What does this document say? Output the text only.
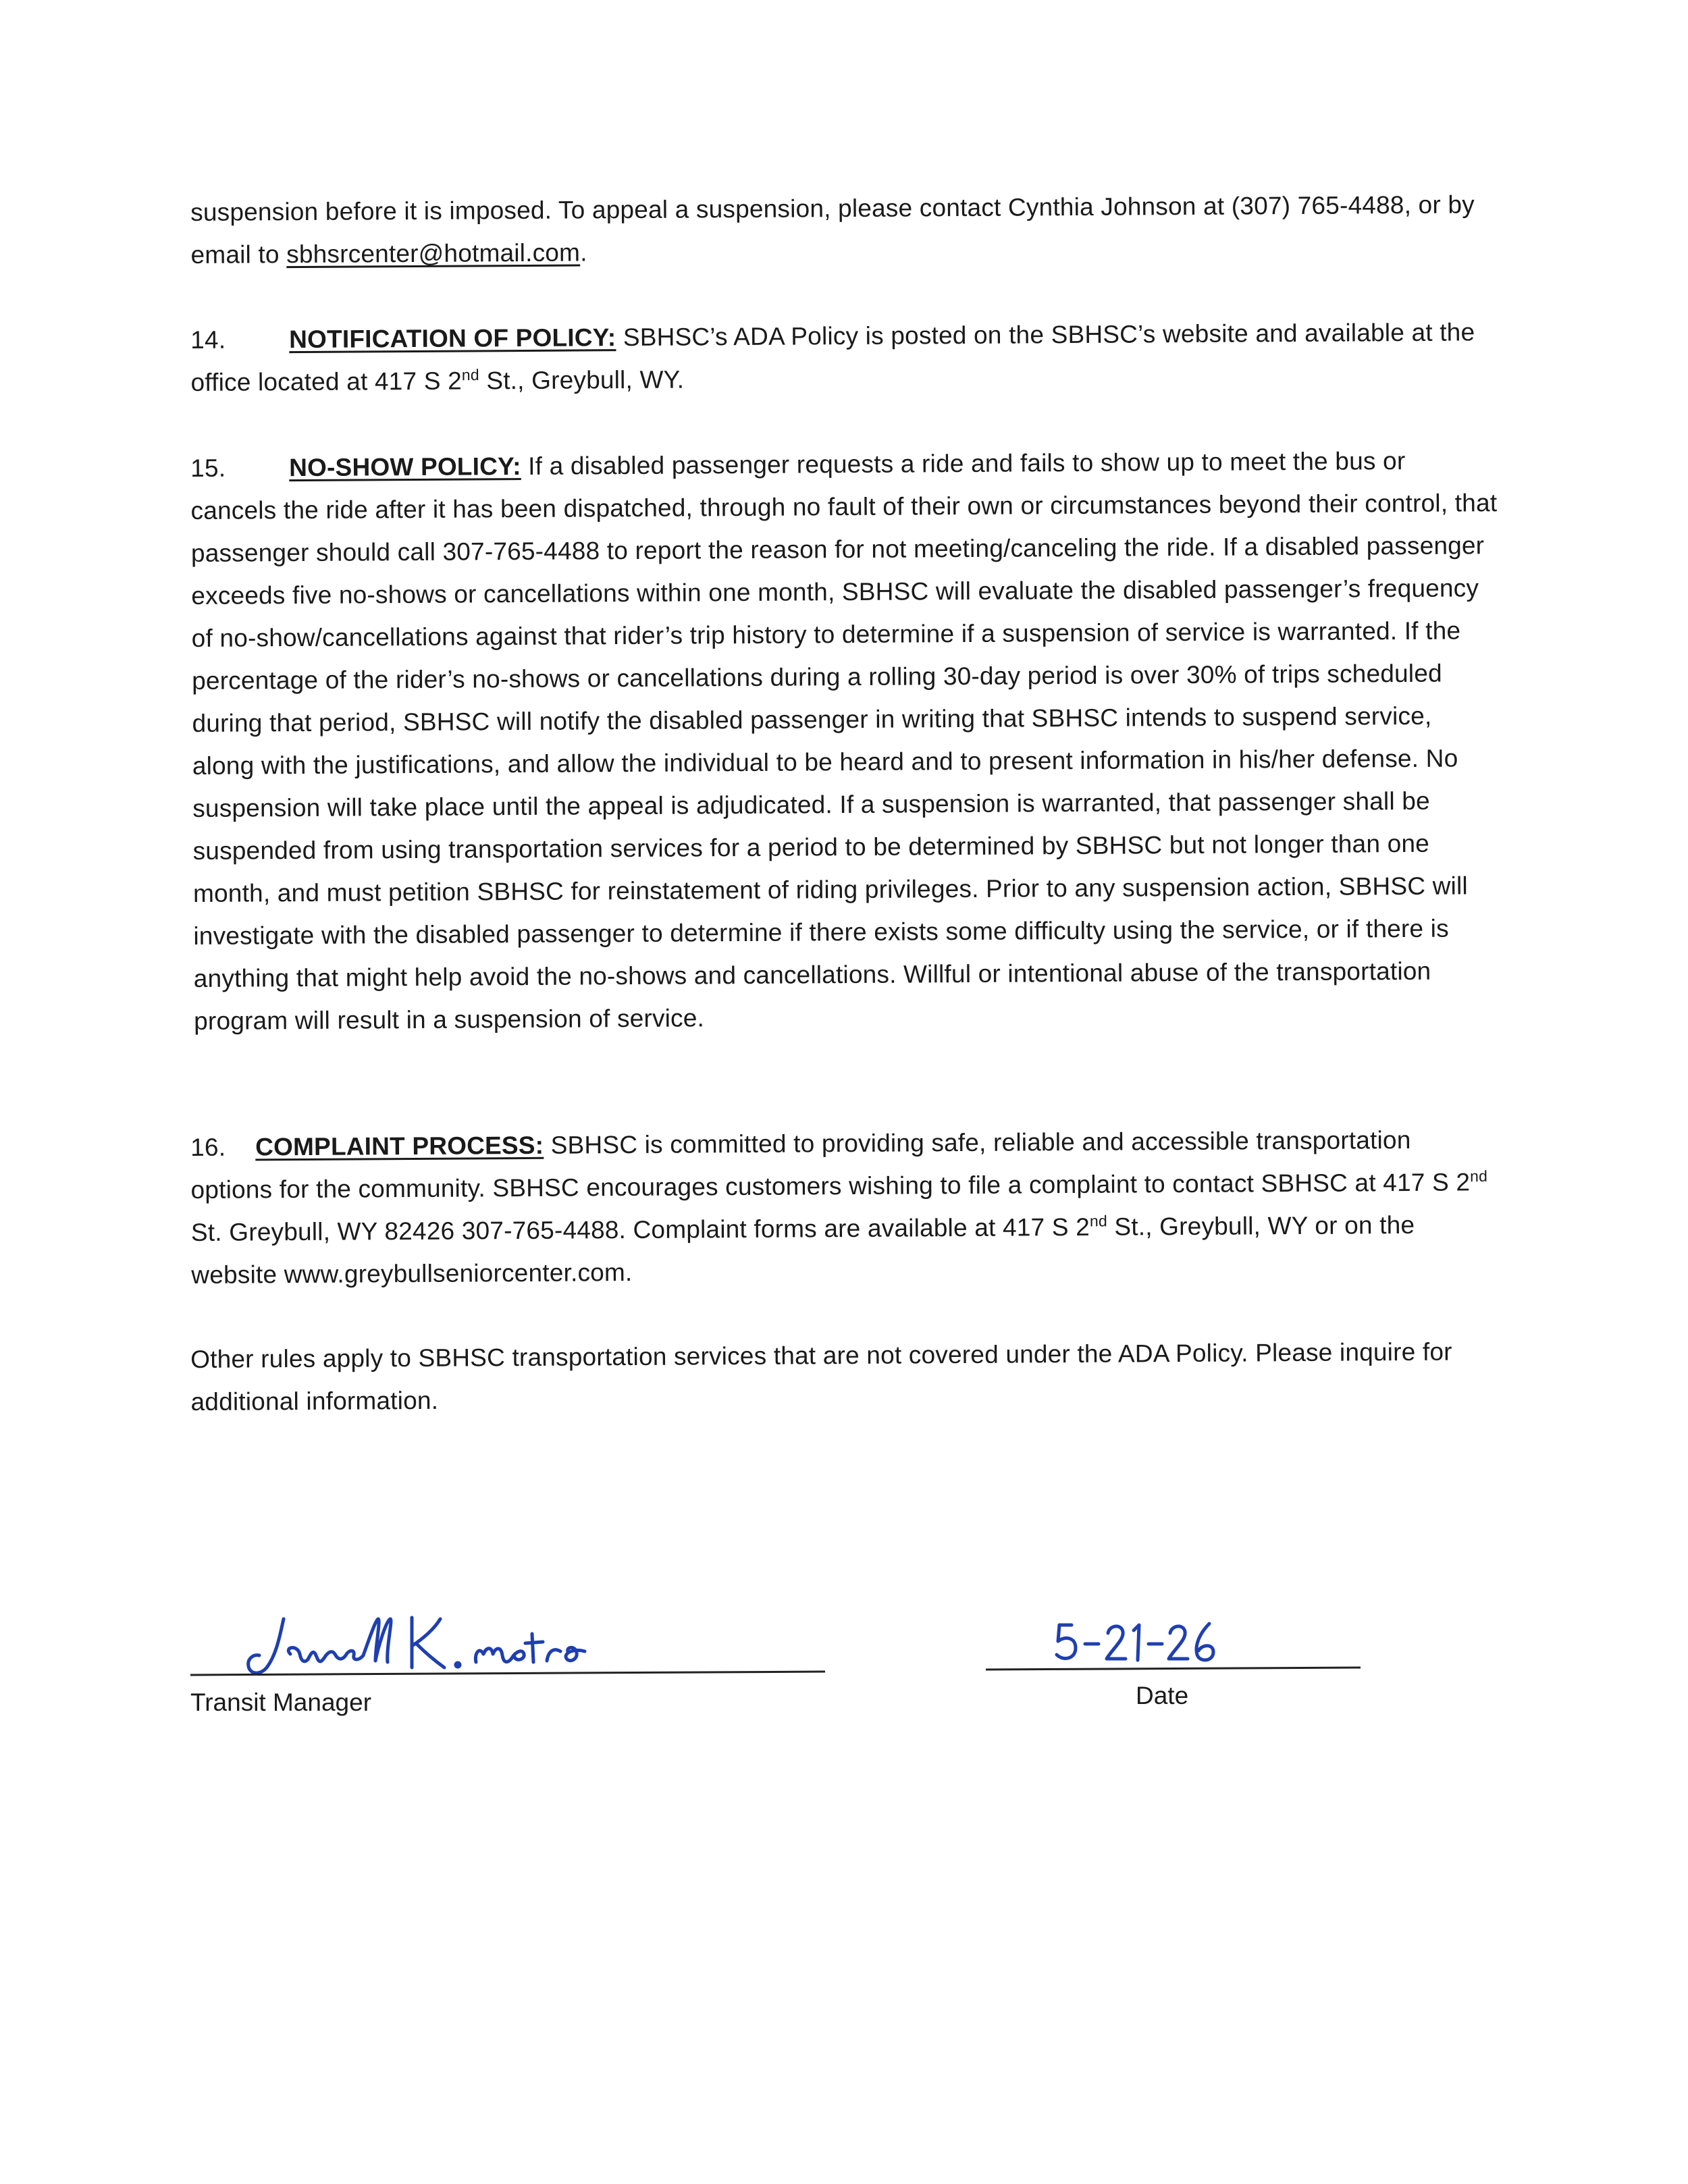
suspension before it is imposed. To appeal a suspension, please contact Cynthia Johnson at (307) 765-4488, or by email to sbhsrcenter@hotmail.com.

14.	NOTIFICATION OF POLICY: SBHSC’s ADA Policy is posted on the SBHSC’s website and available at the office located at 417 S 2nd St., Greybull, WY.

15.	NO-SHOW POLICY: If a disabled passenger requests a ride and fails to show up to meet the bus or cancels the ride after it has been dispatched, through no fault of their own or circumstances beyond their control, that passenger should call 307-765-4488 to report the reason for not meeting/canceling the ride. If a disabled passenger exceeds five no-shows or cancellations within one month, SBHSC will evaluate the disabled passenger’s frequency of no-show/cancellations against that rider’s trip history to determine if a suspension of service is warranted. If the percentage of the rider’s no-shows or cancellations during a rolling 30-day period is over 30% of trips scheduled during that period, SBHSC will notify the disabled passenger in writing that SBHSC intends to suspend service, along with the justifications, and allow the individual to be heard and to present information in his/her defense. No suspension will take place until the appeal is adjudicated. If a suspension is warranted, that passenger shall be suspended from using transportation services for a period to be determined by SBHSC but not longer than one month, and must petition SBHSC for reinstatement of riding privileges. Prior to any suspension action, SBHSC will investigate with the disabled passenger to determine if there exists some difficulty using the service, or if there is anything that might help avoid the no-shows and cancellations. Willful or intentional abuse of the transportation program will result in a suspension of service.

16. COMPLAINT PROCESS: SBHSC is committed to providing safe, reliable and accessible transportation options for the community. SBHSC encourages customers wishing to file a complaint to contact SBHSC at 417 S 2nd St. Greybull, WY 82426 307-765-4488. Complaint forms are available at 417 S 2nd St., Greybull, WY or on the website www.greybullseniorcenter.com.

Other rules apply to SBHSC transportation services that are not covered under the ADA Policy. Please inquire for additional information.

Transit Manager	Date
